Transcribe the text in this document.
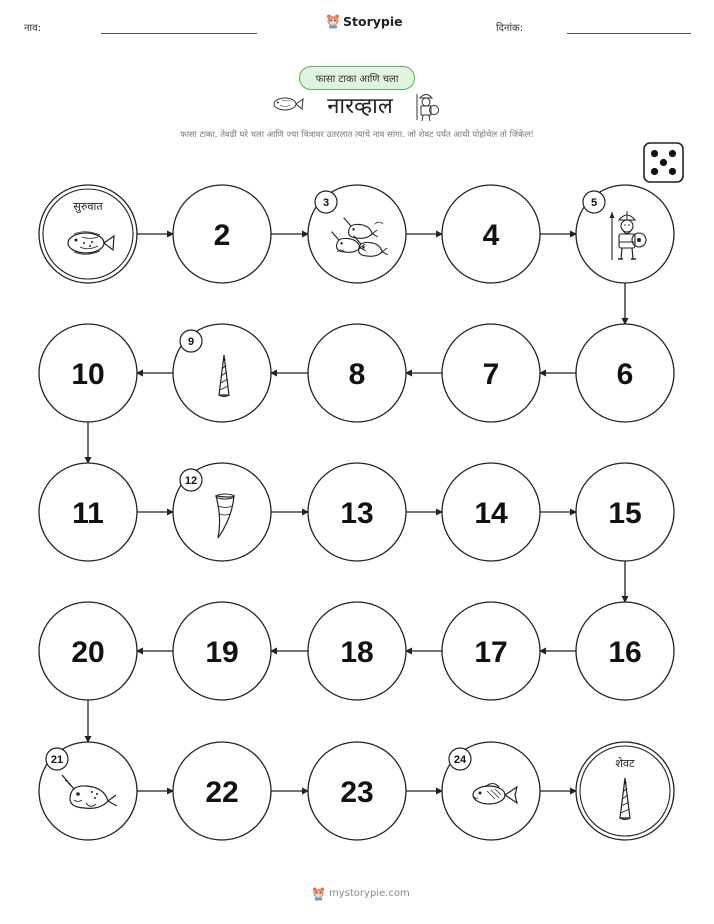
नाव:	Storypie	दिनांक:
फासा टाका आणि चला
नारव्हाल
फासा टाका, तेवढी घरे चला आणि ज्या चित्रावर उतरलात त्याचे नाव सांगा. जो शेवट पर्यंत आधी पोहोचेल तो जिंकेल!
सुरुवात
2
3
4
5
6
7
8
9
10
11
12
13	14	15
16
17
18
19
20
21
22	23
24	शेवट
mystorypie.com
